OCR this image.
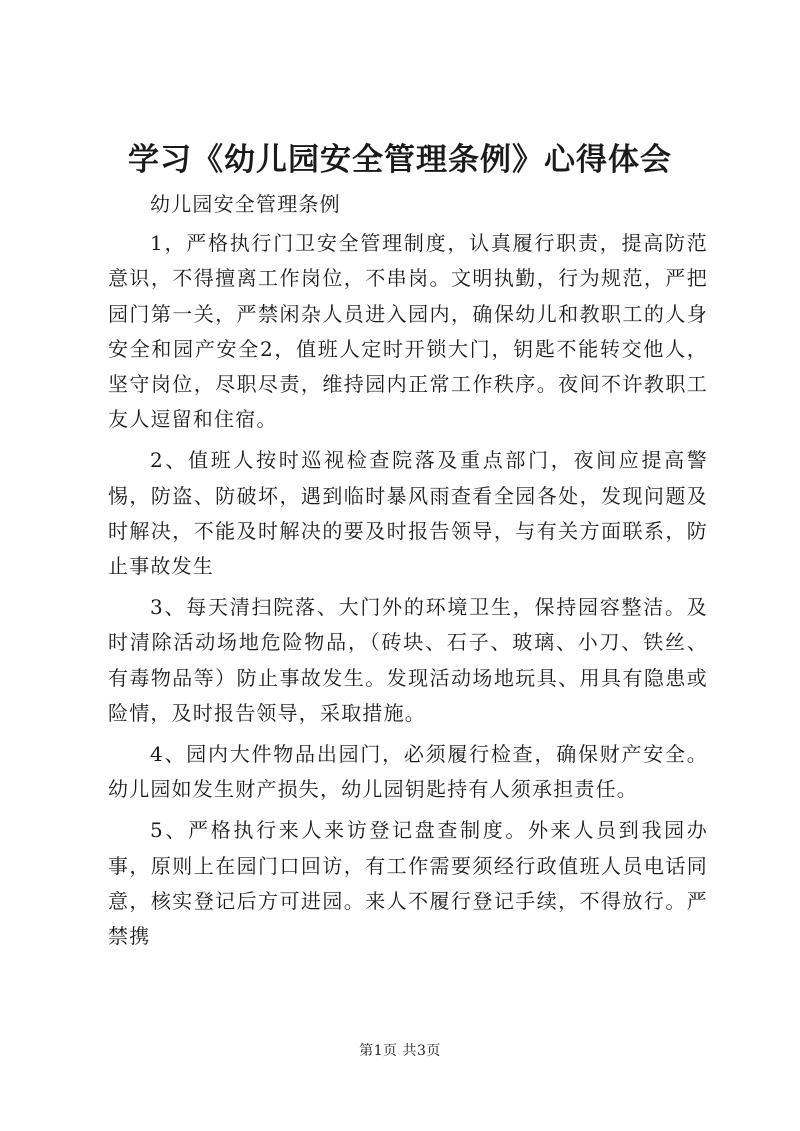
学习《幼儿园安全管理条例》心得体会

幼儿园安全管理条例

1，严格执行门卫安全管理制度，认真履行职责，提高防范意识，不得擅离工作岗位，不串岗。文明执勤，行为规范，严把园门第一关，严禁闲杂人员进入园内，确保幼儿和教职工的人身安全和园产安全2，值班人定时开锁大门，钥匙不能转交他人，坚守岗位，尽职尽责，维持园内正常工作秩序。夜间不许教职工友人逗留和住宿。

2、值班人按时巡视检查院落及重点部门，夜间应提高警惕，防盗、防破坏，遇到临时暴风雨查看全园各处，发现问题及时解决，不能及时解决的要及时报告领导，与有关方面联系，防止事故发生

3、每天清扫院落、大门外的环境卫生，保持园容整洁。及时清除活动场地危险物品，（砖块、石子、玻璃、小刀、铁丝、有毒物品等）防止事故发生。发现活动场地玩具、用具有隐患或险情，及时报告领导，采取措施。

4、园内大件物品出园门，必须履行检查，确保财产安全。幼儿园如发生财产损失，幼儿园钥匙持有人须承担责任。

5、严格执行来人来访登记盘查制度。外来人员到我园办事，原则上在园门口回访，有工作需要须经行政值班人员电话同意，核实登记后方可进园。来人不履行登记手续，不得放行。严禁携

第1页 共3页
